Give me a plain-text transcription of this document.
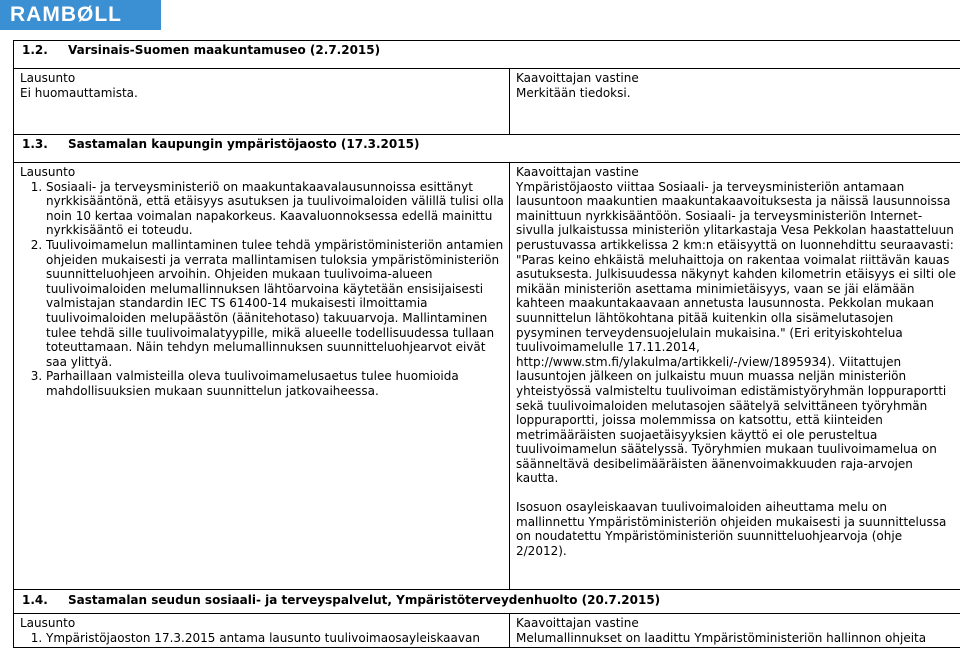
RAMBØLL
1.2. Varsinais-Suomen maakuntamuseo (2.7.2015)

Lausunto

Ei huomauttamista.

Kaavoittajan vastine

Merkitään tiedoksi.

1.3. Sastamalan kaupungin ympäristöjaosto (17.3.2015)

Lausunto

1. Sosiaali- ja terveysministeriö on maakuntakaavalausunnoissa esittänyt nyrkkisääntönä, että etäisyys asutuksen ja tuulivoimaloiden välillä tulisi olla noin 10 kertaa voimalan napakorkeus. Kaavaluonnoksessa edellä mainittu nyrkkisääntö ei toteudu.
2. Tuulivoimamelun mallintaminen tulee tehdä ympäristöministeriön antamien ohjeiden mukaisesti ja verrata mallintamisen tuloksia ympäristöministeriön suunnitteluohjeen arvoihin. Ohjeiden mukaan tuulivoima-alueen tuulivoimaloiden melumallinnuksen lähtöarvoina käytetään ensisijaisesti valmistajan standardin IEC TS 61400-14 mukaisesti ilmoittamia tuulivoimaloiden melupäästön (äänitehotaso) takuuarvoja. Mallintaminen tulee tehdä sille tuulivoimalatyypille, mikä alueelle todellisuudessa tullaan toteuttamaan. Näin tehdyn melumallinnuksen suunnitteluohjearvot eivät saa ylittyä.
3. Parhaillaan valmisteilla oleva tuulivoimamelusaetus tulee huomioida mahdollisuuksien mukaan suunnittelun jatkovaiheessa.

Kaavoittajan vastine

Ympäristöjaosto viittaa Sosiaali- ja terveysministeriön antamaan lausuntoon maakuntien maakuntakaavoituksesta ja näissä lausunnoissa mainittuun nyrkkisääntöön. Sosiaali- ja terveysministeriön Internet-sivulla julkaistussa ministeriön ylitarkastaja Vesa Pekkolan haastatteluun perustuvassa artikkelissa 2 km:n etäisyyttä on luonnehdittu seuraavasti: "Paras keino ehkäistä meluhaittoja on rakentaa voimalat riittävän kauas asutuksesta. Julkisuudessa näkynyt kahden kilometrin etäisyys ei silti ole mikään ministeriön asettama minimietäisyys, vaan se jäi elämään kahteen maakuntakaavaan annetusta lausunnosta. Pekkolan mukaan suunnittelun lähtökohtana pitää kuitenkin olla sisämelutasojen pysyminen terveydensuojelulain mukaisina." (Eri erityiskohtelua tuulivoimamelulle 17.11.2014, http://www.stm.fi/ylakulma/artikkeli/-/view/1895934). Viitattujen lausuntojen jälkeen on julkaistu muun muassa neljän ministeriön yhteistyössä valmisteltu tuulivoiman edistämistyöryhmän loppuraportti sekä tuulivoimaloiden melutasojen säätelyä selvittäneen työryhmän loppuraportti, joissa molemmissa on katsottu, että kiinteiden metrimääräisten suojaetäisyyksien käyttö ei ole perusteltua tuulivoimamelun säätelyssä. Työryhmien mukaan tuulivoimamelua on säänneltävä desibelimääräisten äänenvoimakkuuden raja-arvojen kautta.

Isosuon osayleiskaavan tuulivoimaloiden aiheuttama melu on mallinnettu Ympäristöministeriön ohjeiden mukaisesti ja suunnittelussa on noudatettu Ympäristöministeriön suunnitteluohjearvoja (ohje 2/2012).

1.4. Sastamalan seudun sosiaali- ja terveyspalvelut, Ympäristöterveydenhuolto (20.7.2015)

Lausunto

1. Ympäristöjaoston 17.3.2015 antama lausunto tuulivoimaosayleiskaavan

Kaavoittajan vastine

Melumallinnukset on laadittu Ympäristöministeriön hallinnon ohjeita
